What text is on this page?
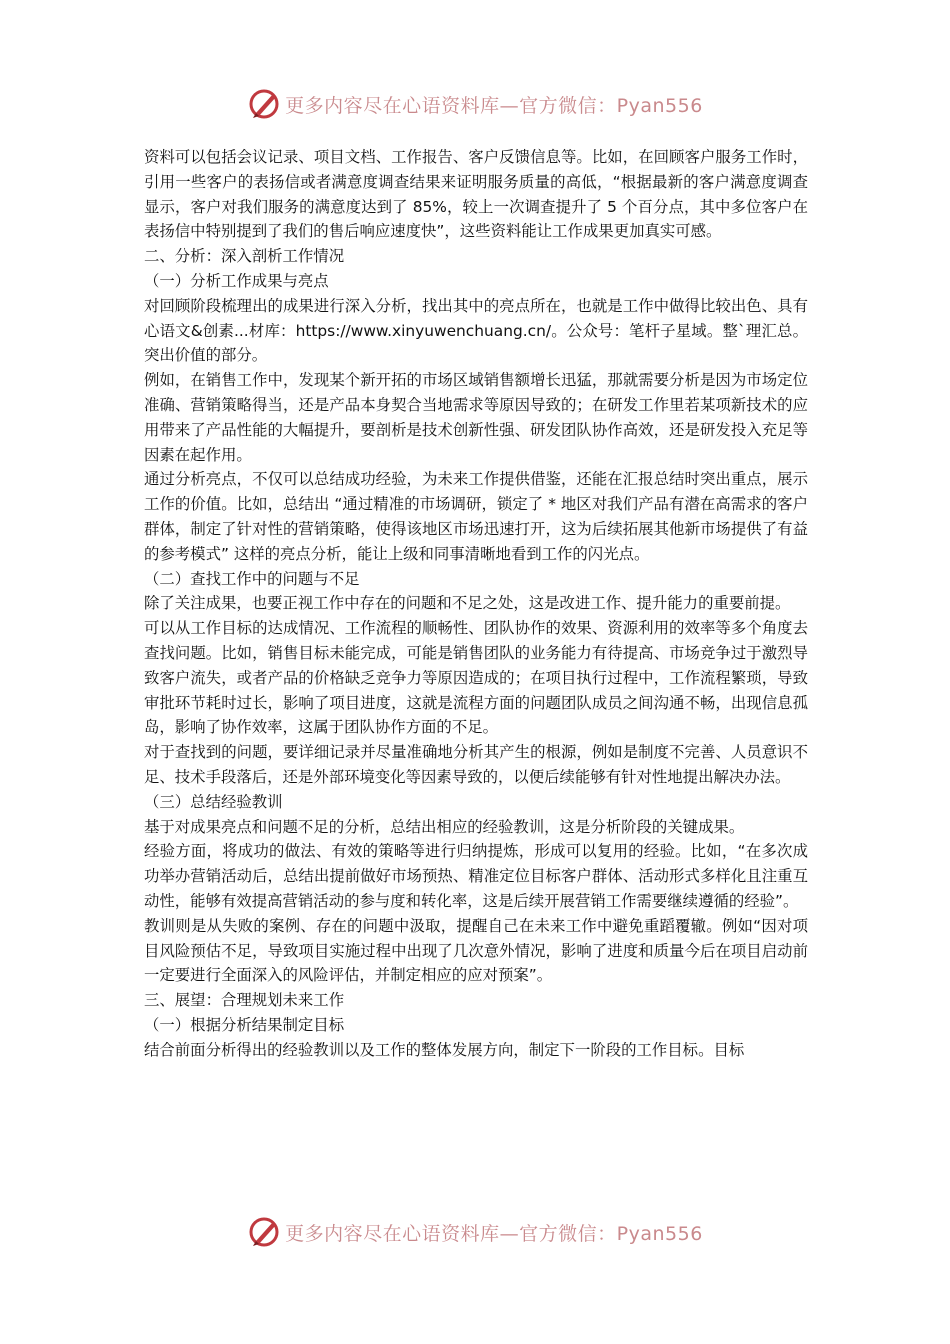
更多内容尽在心语资料库—官方微信：Pyan556

资料可以包括会议记录、项目文档、工作报告、客户反馈信息等。比如，在回顾客户服务工作时，引用一些客户的表扬信或者满意度调查结果来证明服务质量的高低，“根据最新的客户满意度调查显示，客户对我们服务的满意度达到了 85%，较上一次调查提升了 5 个百分点，其中多位客户在表扬信中特别提到了我们的售后响应速度快”，这些资料能让工作成果更加真实可感。

二、分析：深入剖析工作情况

（一）分析工作成果与亮点

对回顾阶段梳理出的成果进行深入分析，找出其中的亮点所在，也就是工作中做得比较出色、具有心语文&创素...材库：https://www.xinyuwenchuang.cn/。公众号：笔杆子星域。整`理汇总。突出价值的部分。

例如，在销售工作中，发现某个新开拓的市场区域销售额增长迅猛，那就需要分析是因为市场定位准确、营销策略得当，还是产品本身契合当地需求等原因导致的；在研发工作里若某项新技术的应用带来了产品性能的大幅提升，要剖析是技术创新性强、研发团队协作高效，还是研发投入充足等因素在起作用。

通过分析亮点，不仅可以总结成功经验，为未来工作提供借鉴，还能在汇报总结时突出重点，展示工作的价值。比如，总结出 “通过精准的市场调研，锁定了 * 地区对我们产品有潜在高需求的客户群体，制定了针对性的营销策略，使得该地区市场迅速打开，这为后续拓展其他新市场提供了有益的参考模式” 这样的亮点分析，能让上级和同事清晰地看到工作的闪光点。

（二）查找工作中的问题与不足

除了关注成果，也要正视工作中存在的问题和不足之处，这是改进工作、提升能力的重要前提。

可以从工作目标的达成情况、工作流程的顺畅性、团队协作的效果、资源利用的效率等多个角度去查找问题。比如，销售目标未能完成，可能是销售团队的业务能力有待提高、市场竞争过于激烈导致客户流失，或者产品的价格缺乏竞争力等原因造成的；在项目执行过程中，工作流程繁琐，导致审批环节耗时过长，影响了项目进度，这就是流程方面的问题团队成员之间沟通不畅，出现信息孤岛，影响了协作效率，这属于团队协作方面的不足。

对于查找到的问题，要详细记录并尽量准确地分析其产生的根源，例如是制度不完善、人员意识不足、技术手段落后，还是外部环境变化等因素导致的，以便后续能够有针对性地提出解决办法。

（三）总结经验教训

基于对成果亮点和问题不足的分析，总结出相应的经验教训，这是分析阶段的关键成果。

经验方面，将成功的做法、有效的策略等进行归纳提炼，形成可以复用的经验。比如，“在多次成功举办营销活动后，总结出提前做好市场预热、精准定位目标客户群体、活动形式多样化且注重互动性，能够有效提高营销活动的参与度和转化率，这是后续开展营销工作需要继续遵循的经验”。

教训则是从失败的案例、存在的问题中汲取，提醒自己在未来工作中避免重蹈覆辙。例如“因对项目风险预估不足，导致项目实施过程中出现了几次意外情况，影响了进度和质量今后在项目启动前一定要进行全面深入的风险评估，并制定相应的应对预案”。

三、展望：合理规划未来工作

（一）根据分析结果制定目标

结合前面分析得出的经验教训以及工作的整体发展方向，制定下一阶段的工作目标。目标

更多内容尽在心语资料库—官方微信：Pyan556
